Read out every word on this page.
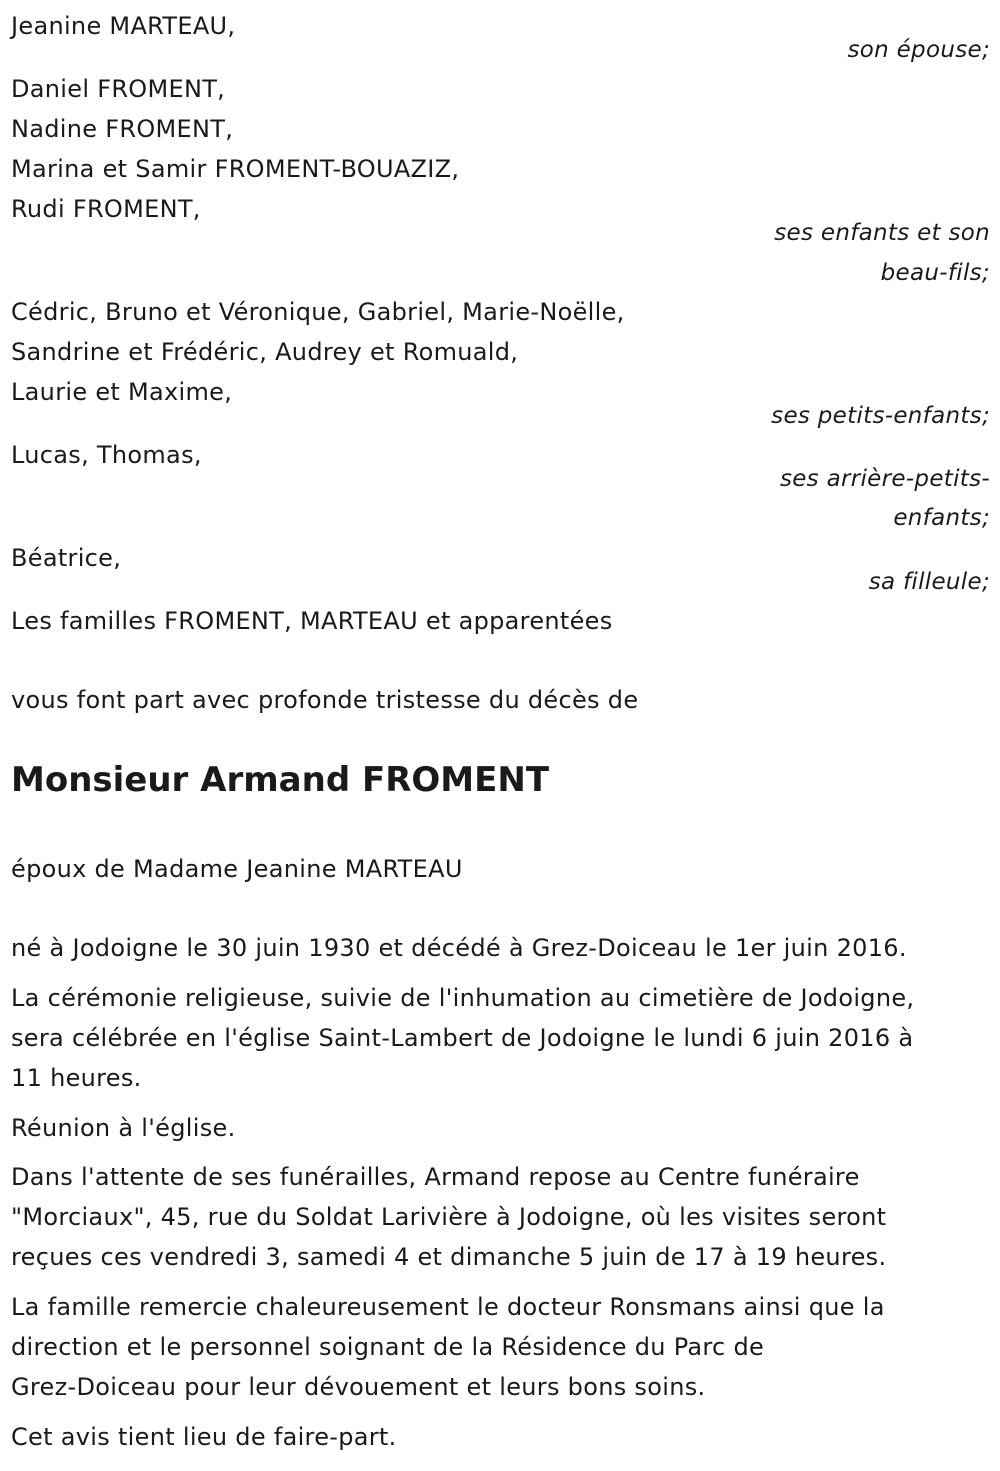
Jeanine MARTEAU,
son épouse;
Daniel FROMENT,
Nadine FROMENT,
Marina et Samir FROMENT-BOUAZIZ,
Rudi FROMENT,
ses enfants et son
beau-fils;
Cédric, Bruno et Véronique, Gabriel, Marie-Noëlle,
Sandrine et Frédéric, Audrey et Romuald,
Laurie et Maxime,
ses petits-enfants;
Lucas, Thomas,
ses arrière-petits-
enfants;
Béatrice,
sa filleule;
Les familles FROMENT, MARTEAU et apparentées
vous font part avec profonde tristesse du décès de
Monsieur Armand FROMENT
époux de Madame Jeanine MARTEAU
né à Jodoigne le 30 juin 1930 et décédé à Grez-Doiceau le 1er juin 2016.
La cérémonie religieuse, suivie de l'inhumation au cimetière de Jodoigne,
sera célébrée en l'église Saint-Lambert de Jodoigne le lundi 6 juin 2016 à
11 heures.
Réunion à l'église.
Dans l'attente de ses funérailles, Armand repose au Centre funéraire
"Morciaux", 45, rue du Soldat Larivière à Jodoigne, où les visites seront
reçues ces vendredi 3, samedi 4 et dimanche 5 juin de 17 à 19 heures.
La famille remercie chaleureusement le docteur Ronsmans ainsi que la
direction et le personnel soignant de la Résidence du Parc de
Grez-Doiceau pour leur dévouement et leurs bons soins.
Cet avis tient lieu de faire-part.
